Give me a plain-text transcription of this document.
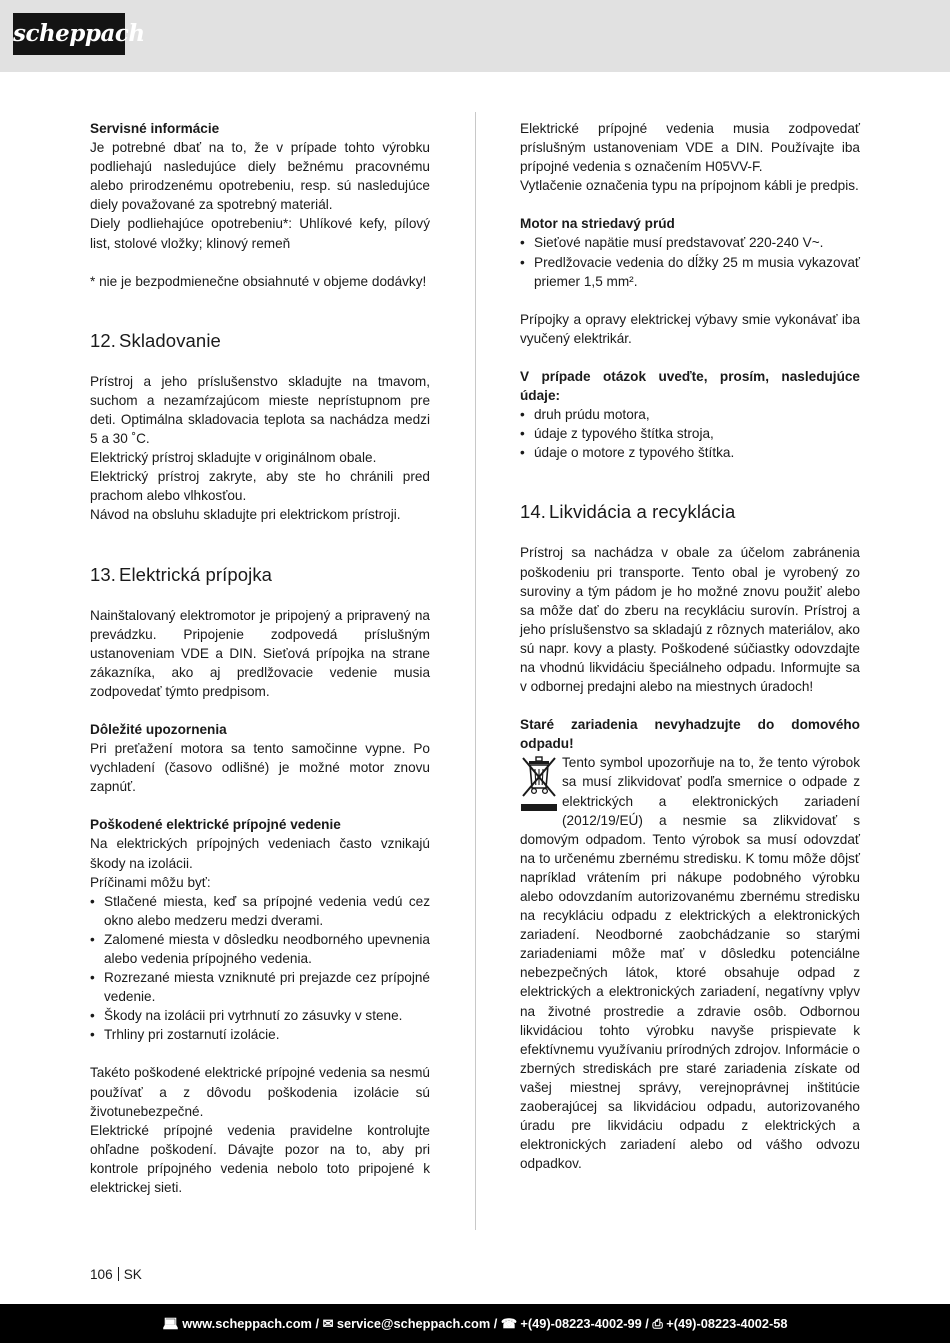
scheppach

Servisné informácie

Je potrebné dbať na to, že v prípade tohto výrobku podliehajú nasledujúce diely bežnému pracovnému alebo prirodzenému opotrebeniu, resp. sú nasledujúce diely považované za spotrebný materiál.

Diely podliehajúce opotrebeniu*: Uhlíkové kefy, pílový list, stolové vložky; klinový remeň

* nie je bezpodmienečne obsiahnuté v objeme dodávky!

12. Skladovanie

Prístroj a jeho príslušenstvo skladujte na tmavom, suchom a nezamŕzajúcom mieste neprístupnom pre deti. Optimálna skladovacia teplota sa nachádza medzi 5 a 30 ˚C.

Elektrický prístroj skladujte v originálnom obale.

Elektrický prístroj zakryte, aby ste ho chránili pred prachom alebo vlhkosťou.

Návod na obsluhu skladujte pri elektrickom prístroji.

13. Elektrická prípojka

Nainštalovaný elektromotor je pripojený a pripravený na prevádzku. Pripojenie zodpovedá príslušným ustanoveniam VDE a DIN. Sieťová prípojka na strane zákazníka, ako aj predlžovacie vedenie musia zodpovedať týmto predpisom.

Dôležité upozornenia

Pri preťažení motora sa tento samočinne vypne. Po vychladení (časovo odlišné) je možné motor znovu zapnúť.

Poškodené elektrické prípojné vedenie

Na elektrických prípojných vedeniach často vznikajú škody na izolácii.

Príčinami môžu byť:

• Stlačené miesta, keď sa prípojné vedenia vedú cez okno alebo medzeru medzi dverami.
• Zalomené miesta v dôsledku neodborného upevnenia alebo vedenia prípojného vedenia.
• Rozrezané miesta vzniknuté pri prejazde cez prípojné vedenie.
• Škody na izolácii pri vytrhnutí zo zásuvky v stene.
• Trhliny pri zostarnutí izolácie.

Takéto poškodené elektrické prípojné vedenia sa nesmú používať a z dôvodu poškodenia izolácie sú životunebezpečné.

Elektrické prípojné vedenia pravidelne kontrolujte ohľadne poškodení. Dávajte pozor na to, aby pri kontrole prípojného vedenia nebolo toto pripojené k elektrickej sieti.

Elektrické prípojné vedenia musia zodpovedať príslušným ustanoveniam VDE a DIN. Používajte iba prípojné vedenia s označením H05VV-F.

Vytlačenie označenia typu na prípojnom kábli je predpis.

Motor na striedavý prúd

• Sieťové napätie musí predstavovať 220-240 V~.
• Predlžovacie vedenia do dĺžky 25 m musia vykazovať priemer 1,5 mm².

Prípojky a opravy elektrickej výbavy smie vykonávať iba vyučený elektrikár.

V prípade otázok uveďte, prosím, nasledujúce údaje:

• druh prúdu motora,
• údaje z typového štítka stroja,
• údaje o motore z typového štítka.
14. Likvidácia a recyklácia

Prístroj sa nachádza v obale za účelom zabránenia poškodeniu pri transporte. Tento obal je vyrobený zo suroviny a tým pádom je ho možné znovu použiť alebo sa môže dať do zberu na recykláciu surovín. Prístroj a jeho príslušenstvo sa skladajú z rôznych materiálov, ako sú napr. kovy a plasty. Poškodené súčiastky odovzdajte na vhodnú likvidáciu špeciálneho odpadu. Informujte sa v odbornej predajni alebo na miestnych úradoch!

Staré zariadenia nevyhadzujte do domového odpadu!

Tento symbol upozorňuje na to, že tento výrobok sa musí zlikvidovať podľa smernice o odpade z elektrických a elektronických zariadení (2012/19/EÚ) a nesmie sa zlikvidovať s domovým odpadom. Tento výrobok sa musí odovzdať na to určenému zbernému stredisku. K tomu môže dôjsť napríklad vrátením pri nákupe podobného výrobku alebo odovzdaním autorizovanému zbernému stredisku na recykláciu odpadu z elektrických a elektronických zariadení. Neodborné zaobchádzanie so starými zariadeniami môže mať v dôsledku potenciálne nebezpečných látok, ktoré obsahuje odpad z elektrických a elektronických zariadení, negatívny vplyv na životné prostredie a zdravie osôb. Odbornou likvidáciou tohto výrobku navyše prispievate k efektívnemu využívaniu prírodných zdrojov. Informácie o zberných strediskách pre staré zariadenia získate od vašej miestnej správy, verejnoprávnej inštitúcie zaoberajúcej sa likvidáciou odpadu, autorizovaného úradu pre likvidáciu odpadu z elektrických a elektronických zariadení alebo od vášho odvozu odpadkov.

106 SK
💻︎ www.scheppach.com / ✉ service@scheppach.com / ☎ +(49)-08223-4002-99 / ⎙ +(49)-08223-4002-58
